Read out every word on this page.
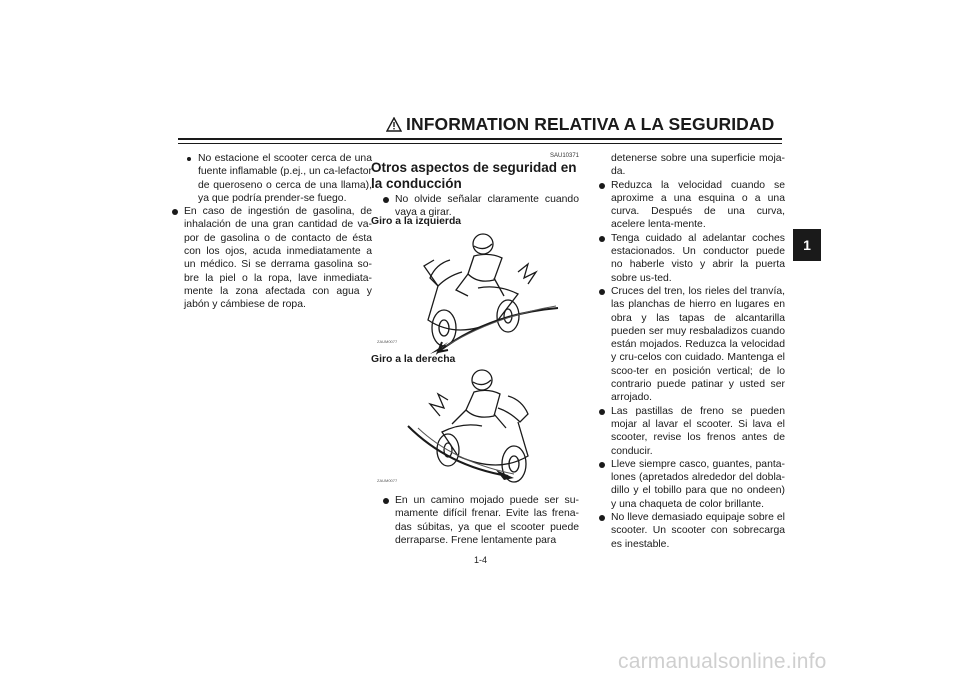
INFORMATION RELATIVA A LA SEGURIDAD
1
No estacione el scooter cerca de una fuente inflamable (p.ej., un ca-lefactor de queroseno o cerca de una llama), ya que podría prender-se fuego.
En caso de ingestión de gasolina, de inhalación de una gran cantidad de va-por de gasolina o de contacto de ésta con los ojos, acuda inmediatamente a un médico. Si se derrama gasolina so-bre la piel o la ropa, lave inmediata-mente la zona afectada con agua y jabón y cámbiese de ropa.
SAU10371
Otros aspectos de seguridad en la conducción
No olvide señalar claramente cuando vaya a girar.
Giro a la izquierda
ZAUM0077
Giro a la derecha
ZAUM0077
En un camino mojado puede ser su-mamente difícil frenar. Evite las frena-das súbitas, ya que el scooter puede derraparse. Frene lentamente para
detenerse sobre una superficie moja-da.
Reduzca la velocidad cuando se aproxime a una esquina o a una curva. Después de una curva, acelere lenta-mente.
Tenga cuidado al adelantar coches estacionados. Un conductor puede no haberle visto y abrir la puerta sobre us-ted.
Cruces del tren, los rieles del tranvía, las planchas de hierro en lugares en obra y las tapas de alcantarilla pueden ser muy resbaladizos cuando están mojados. Reduzca la velocidad y cru-celos con cuidado. Mantenga el scoo-ter en posición vertical; de lo contrario puede patinar y usted ser arrojado.
Las pastillas de freno se pueden mojar al lavar el scooter. Si lava el scooter, revise los frenos antes de conducir.
Lleve siempre casco, guantes, panta-lones (apretados alrededor del dobla-dillo y el tobillo para que no ondeen) y una chaqueta de color brillante.
No lleve demasiado equipaje sobre el scooter. Un scooter con sobrecarga es inestable.
1-4
carmanualsonline.info
